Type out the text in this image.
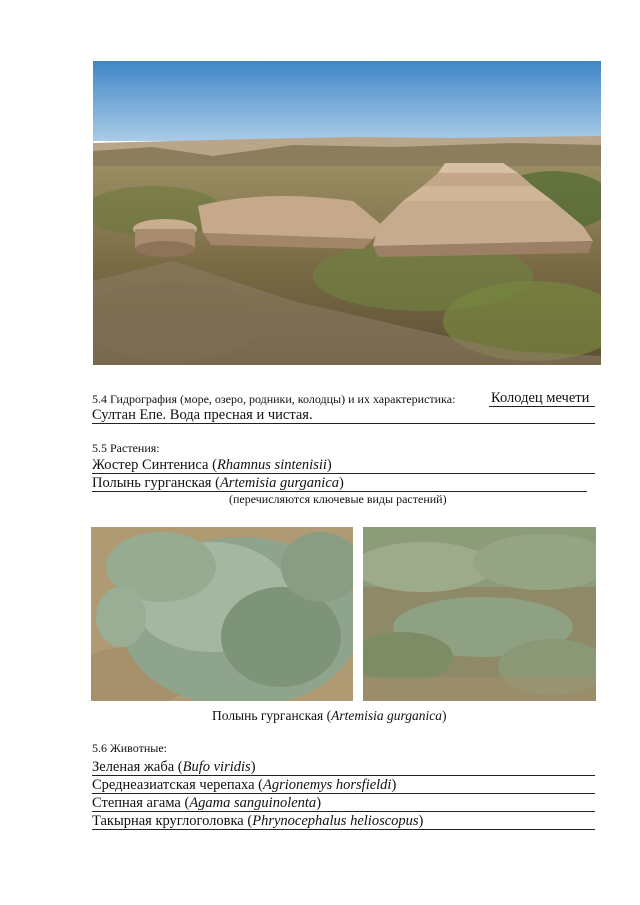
5.4 Гидрография (море, озеро, родники, колодцы) и их характеристика: Колодец мечети
Султан Епе. Вода пресная и чистая.
5.5 Растения:
Жостер Синтениса (Rhamnus sintenisii)
Полынь гурганская (Artemisia gurganica)
(перечисляются ключевые виды растений)
Полынь гурганская (Artemisia gurganica)
5.6 Животные:
Зеленая жаба (Bufo viridis)
Среднеазиатская черепаха (Agrionemys horsfieldi)
Степная агама (Agama sanguinolenta)
Такырная круглоголовка (Phrynocephalus helioscopus)
